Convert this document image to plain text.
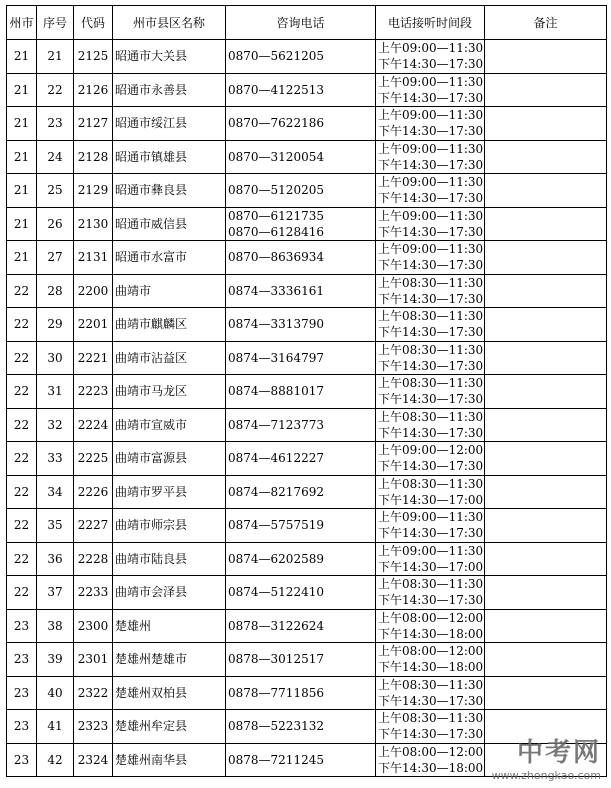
州市	序号	代码	州市县区名称	咨询电话	电话接听时间段	备注
21	21	2125	昭通市大关县	0870—5621205	上午09:00—11:30
下午14:30—17:30	

21	22	2126	昭通市永善县	0870—4122513	上午09:00—11:30
下午14:30—17:30	

21	23	2127	昭通市绥江县	0870—7622186	上午09:00—11:30
下午14:30—17:30	

21	24	2128	昭通市镇雄县	0870—3120054	上午09:00—11:30
下午14:30—17:30	

21	25	2129	昭通市彝良县	0870—5120205	上午09:00—11:30
下午14:30—17:30	

21	26	2130	昭通市威信县	0870—6121735
0870—6128416	上午09:00—11:30
下午14:30—17:30	

21	27	2131	昭通市水富市	0870—8636934	上午09:00—11:30
下午14:30—17:30	

22	28	2200	曲靖市	0874—3336161	上午08:30—11:30
下午14:30—17:30	

22	29	2201	曲靖市麒麟区	0874—3313790	上午08:30—11:30
下午14:30—17:30	

22	30	2221	曲靖市沾益区	0874—3164797	上午08:30—11:30
下午14:30—17:30	

22	31	2223	曲靖市马龙区	0874—8881017	上午08:30—11:30
下午14:30—17:30	

22	32	2224	曲靖市宣威市	0874—7123773	上午08:30—11:30
下午14:30—17:30	

22	33	2225	曲靖市富源县	0874—4612227	上午09:00—12:00
下午14:30—17:30	

22	34	2226	曲靖市罗平县	0874—8217692	上午08:30—11:30
下午14:30—17:00	

22	35	2227	曲靖市师宗县	0874—5757519	上午09:00—11:30
下午14:30—17:30	

22	36	2228	曲靖市陆良县	0874—6202589	上午09:00—11:30
下午14:30—17:00	

22	37	2233	曲靖市会泽县	0874—5122410	上午08:30—11:30
下午14:30—17:30	

23	38	2300	楚雄州	0878—3122624	上午08:00—12:00
下午14:30—18:00	

23	39	2301	楚雄州楚雄市	0878—3012517	上午08:00—12:00
下午14:30—18:00	

23	40	2322	楚雄州双柏县	0878—7711856	上午08:30—11:30
下午14:30—17:30	

23	41	2323	楚雄州牟定县	0878—5223132	上午08:30—11:30
下午14:30—17:30	

23	42	2324	楚雄州南华县	0878—7211245	上午08:00—12:00
下午14:30—18:00	
		中考网
www.zhongkao.com
